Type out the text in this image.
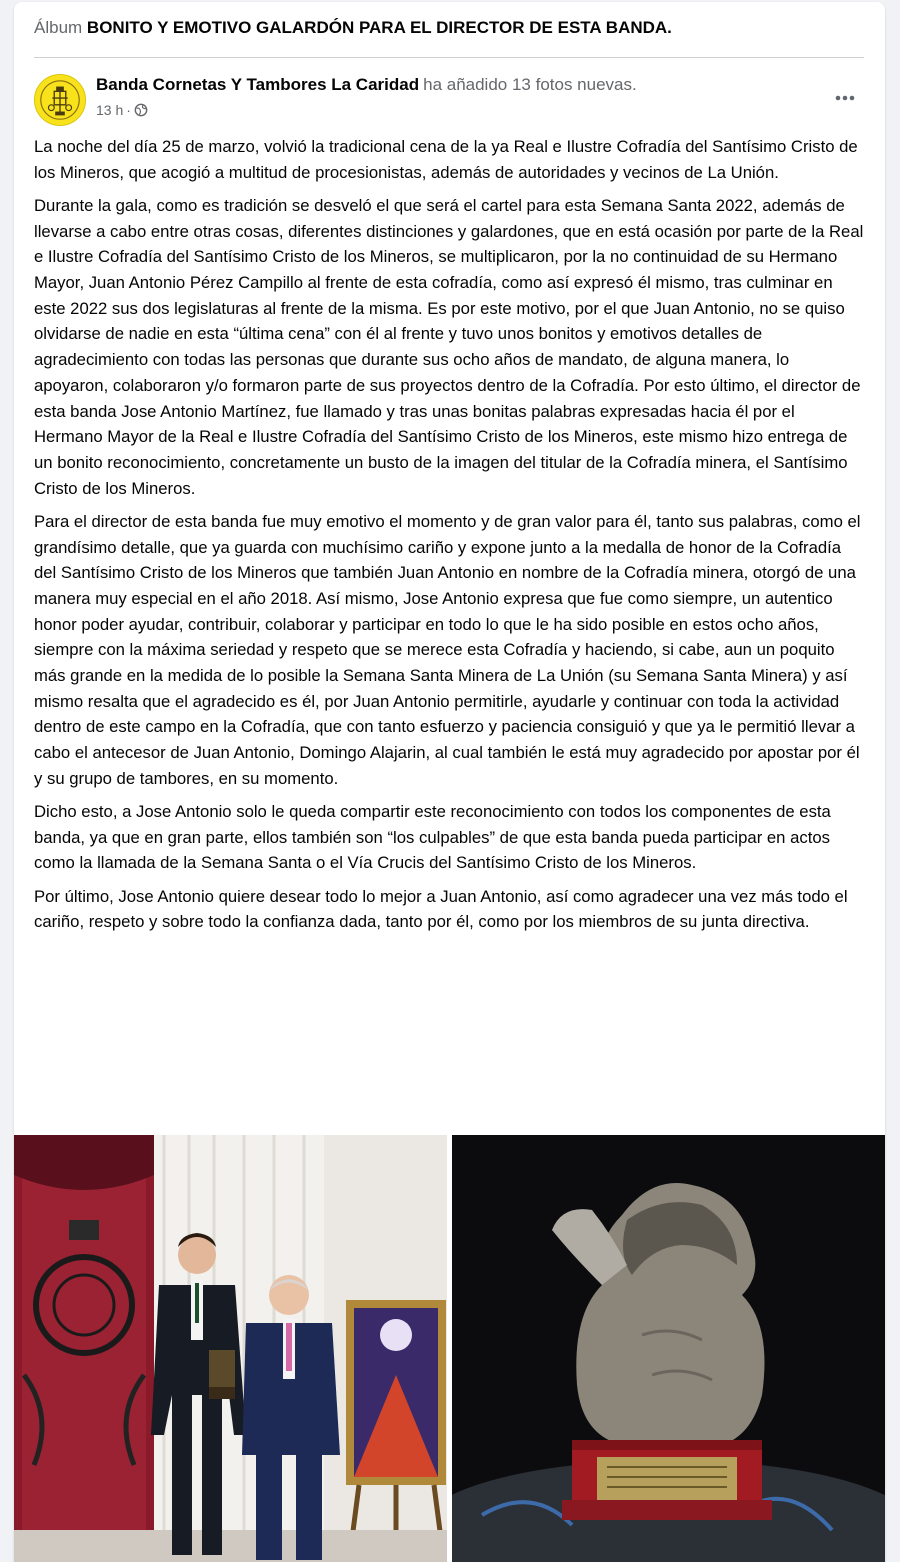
Álbum BONITO Y EMOTIVO GALARDÓN PARA EL DIRECTOR DE ESTA BANDA.
Banda Cornetas Y Tambores La Caridad ha añadido 13 fotos nuevas.
13 h ·

La noche del día 25 de marzo, volvió la tradicional cena de la ya Real e Ilustre Cofradía del Santísimo Cristo de los Mineros, que acogió a multitud de procesionistas, además de autoridades y vecinos de La Unión.

Durante la gala, como es tradición se desveló el que será el cartel para esta Semana Santa 2022, además de llevarse a cabo entre otras cosas, diferentes distinciones y galardones, que en está ocasión por parte de la Real e Ilustre Cofradía del Santísimo Cristo de los Mineros, se multiplicaron, por la no continuidad de su Hermano Mayor, Juan Antonio Pérez Campillo al frente de esta cofradía, como así expresó él mismo, tras culminar en este 2022 sus dos legislaturas al frente de la misma. Es por este motivo, por el que Juan Antonio, no se quiso olvidarse de nadie en esta “última cena” con él al frente y tuvo unos bonitos y emotivos detalles de agradecimiento con todas las personas que durante sus ocho años de mandato, de alguna manera, lo apoyaron, colaboraron y/o formaron parte de sus proyectos dentro de la Cofradía. Por esto último, el director de esta banda Jose Antonio Martínez, fue llamado y tras unas bonitas palabras expresadas hacia él por el Hermano Mayor de la Real e Ilustre Cofradía del Santísimo Cristo de los Mineros, este mismo hizo entrega de un bonito reconocimiento, concretamente un busto de la imagen del titular de la Cofradía minera, el Santísimo Cristo de los Mineros.

Para el director de esta banda fue muy emotivo el momento y de gran valor para él, tanto sus palabras, como el grandísimo detalle, que ya guarda con muchísimo cariño y expone junto a la medalla de honor de la Cofradía del Santísimo Cristo de los Mineros que también Juan Antonio en nombre de la Cofradía minera, otorgó de una manera muy especial en el año 2018. Así mismo, Jose Antonio expresa que fue como siempre, un autentico honor poder ayudar, contribuir, colaborar y participar en todo lo que le ha sido posible en estos ocho años, siempre con la máxima seriedad y respeto que se merece esta Cofradía y haciendo, si cabe, aun un poquito más grande en la medida de lo posible la Semana Santa Minera de La Unión (su Semana Santa Minera) y así mismo resalta que el agradecido es él, por Juan Antonio permitirle, ayudarle y continuar con toda la actividad dentro de este campo en la Cofradía, que con tanto esfuerzo y paciencia consiguió y que ya le permitió llevar a cabo el antecesor de Juan Antonio, Domingo Alajarin, al cual también le está muy agradecido por apostar por él y su grupo de tambores, en su momento.

Dicho esto, a Jose Antonio solo le queda compartir este reconocimiento con todos los componentes de esta banda, ya que en gran parte, ellos también son “los culpables” de que esta banda pueda participar en actos como la llamada de la Semana Santa o el Vía Crucis del Santísimo Cristo de los Mineros.

Por último, Jose Antonio quiere desear todo lo mejor a Juan Antonio, así como agradecer una vez más todo el cariño, respeto y sobre todo la confianza dada, tanto por él, como por los miembros de su junta directiva.
